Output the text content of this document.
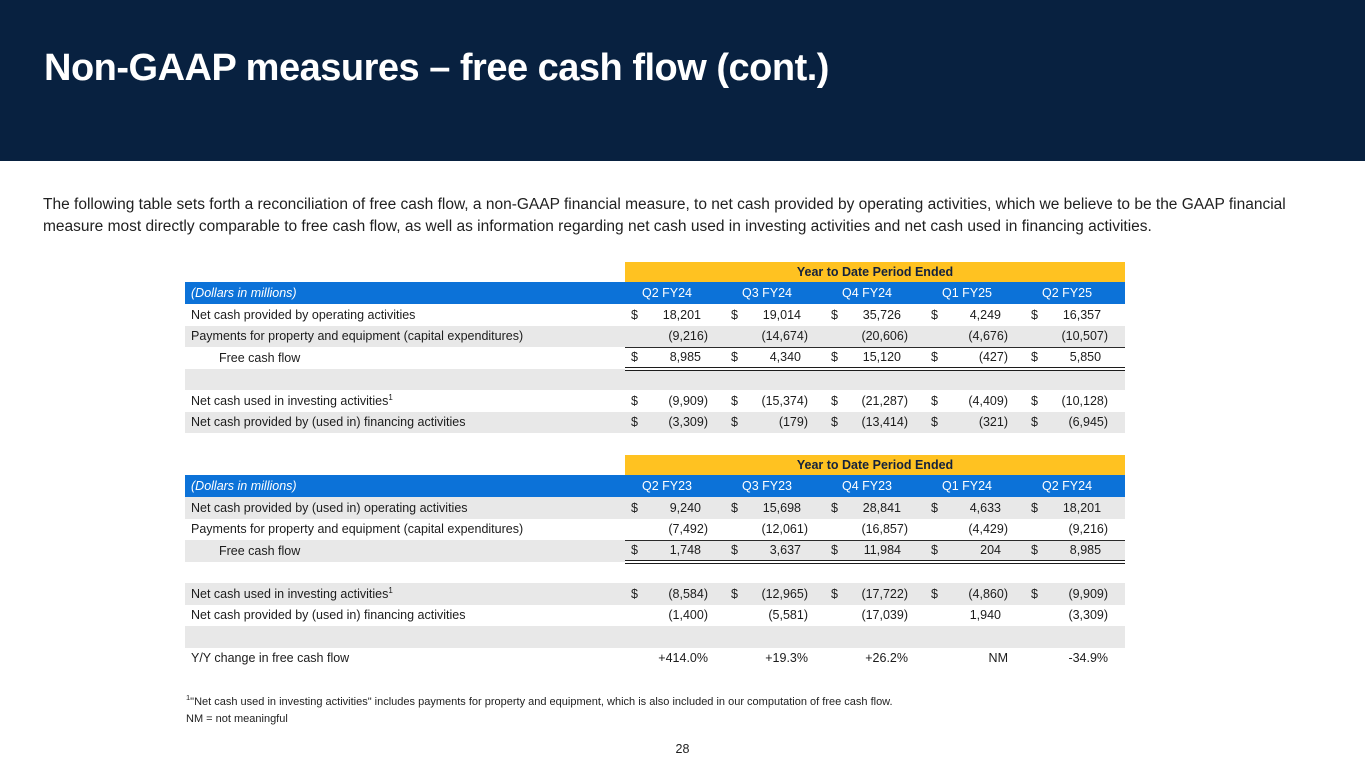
Non-GAAP measures – free cash flow (cont.)

The following table sets forth a reconciliation of free cash flow, a non-GAAP financial measure, to net cash provided by operating activities, which we believe to be the GAAP financial measure most directly comparable to free cash flow, as well as information regarding net cash used in investing activities and net cash used in financing activities.

	Year to Date Period Ended				
(Dollars in millions)	Q2 FY24	Q3 FY24	Q4 FY24	Q1 FY25	Q2 FY25
Net cash provided by operating activities	$ 18,201	$ 19,014	$ 35,726	$ 4,249	$ 16,357

Payments for property and equipment (capital expenditures)	(9,216)	(14,674)	(20,606)	(4,676)	(10,507)

Free cash flow	$ 8,985	$ 4,340	$ 15,120	$ (427)	$ 5,850

Net cash used in investing activities$^1$	$ (9,909)	$ (15,374)	$ (21,287)	$ (4,409)	$ (10,128)

Net cash provided by (used in) financing activities	$ (3,309)	$ (179)	$ (13,414)	$ (321)	$ (6,945)
	Year to Date Period Ended				
(Dollars in millions)	Q2 FY23	Q3 FY23	Q4 FY23	Q1 FY24	Q2 FY24
Net cash provided by (used in) operating activities	$ 9,240	$ 15,698	$ 28,841	$ 4,633	$ 18,201

Payments for property and equipment (capital expenditures)	(7,492)	(12,061)	(16,857)	(4,429)	(9,216)

Free cash flow	$ 1,748	$ 3,637	$ 11,984	$ 204	$ 8,985

Net cash used in investing activities$^1$	$ (8,584)	$ (12,965)	$ (17,722)	$ (4,860)	$ (9,909)

Net cash provided by (used in) financing activities	(1,400)	(5,581)	(17,039)	1,940	(3,309)

Y/Y change in free cash flow	+414.0%	+19.3%	+26.2%	NM	-34.9%

$^1$"Net cash used in investing activities" includes payments for property and equipment, which is also included in our computation of free cash flow.

NM = not meaningful

28
